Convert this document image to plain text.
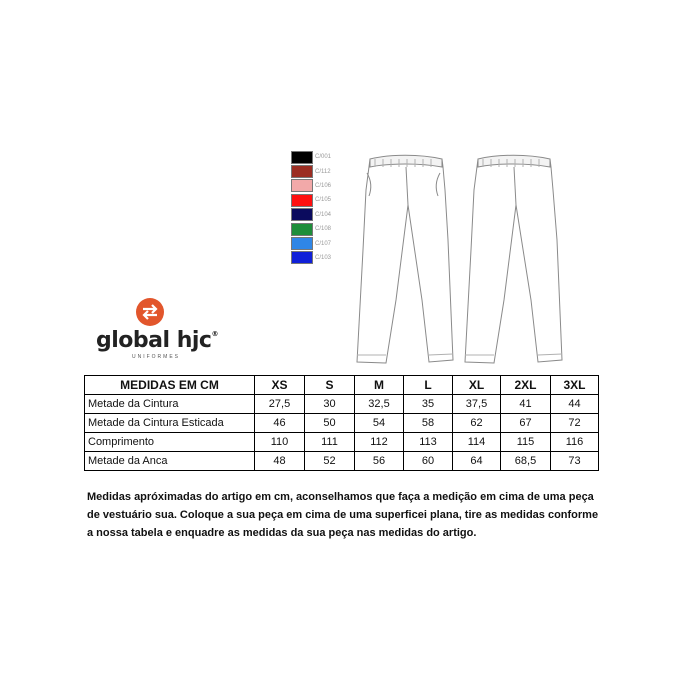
C/001
C/112
C/106
C/105
C/104
C/108
C/107
C/103
global hjc®
UNIFORMES
MEDIDAS EM CM	XS	S	M	L	XL	2XL	3XL
Metade da Cintura	27,5	30	32,5	35	37,5	41	44
Metade da Cintura Esticada	46	50	54	58	62	67	72
Comprimento	110	111	112	113	114	115	116
Metade da Anca	48	52	56	60	64	68,5	73
Medidas apróximadas do artigo em cm, aconselhamos que faça a medição em cima de uma peça de vestuário sua. Coloque a sua peça em cima de uma superficei plana, tire as medidas conforme a nossa tabela e enquadre as medidas da sua peça nas medidas do artigo.
